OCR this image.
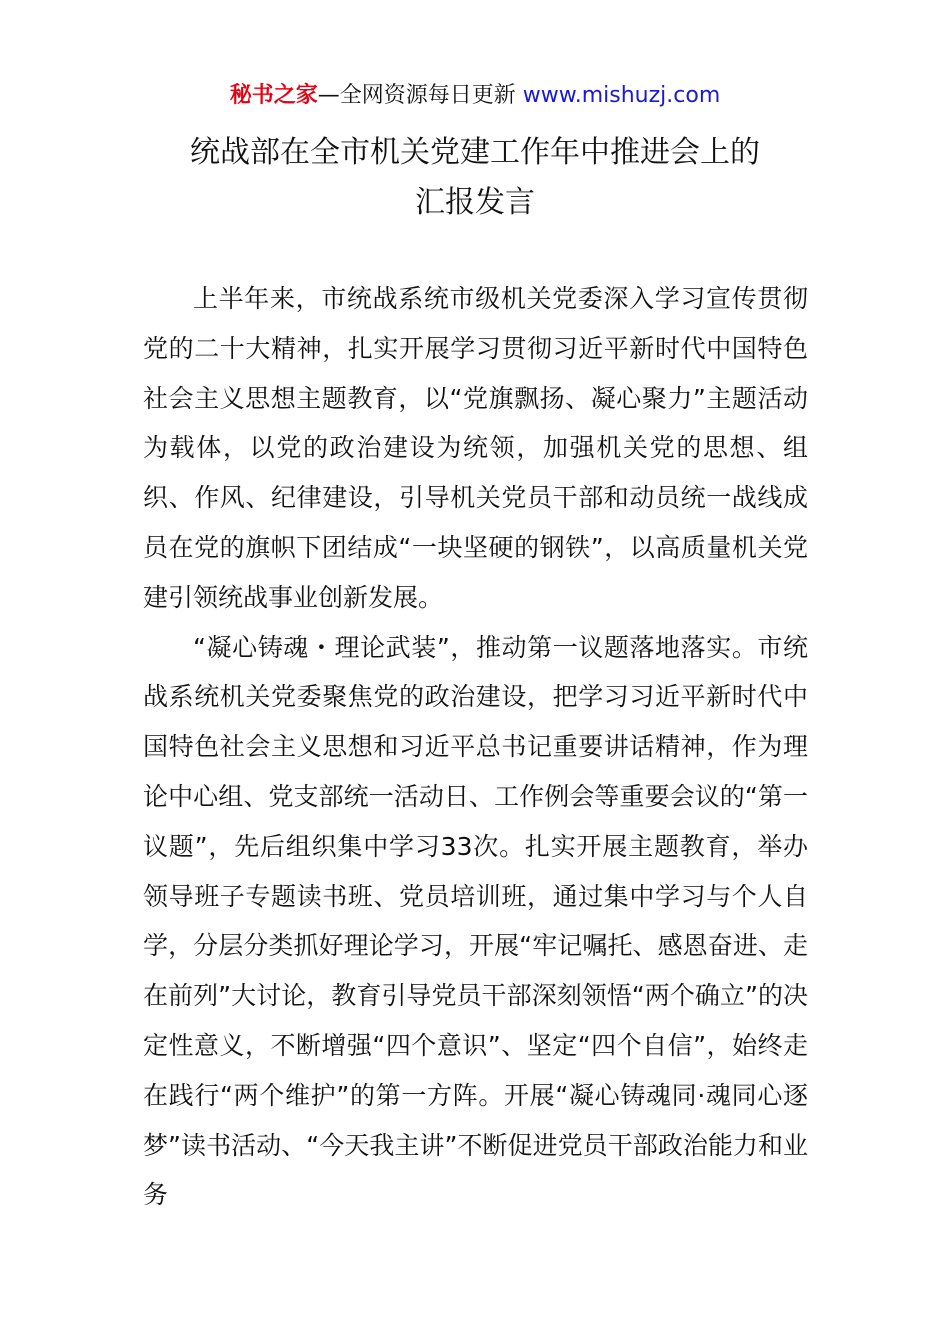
秘书之家—全网资源每日更新 www.mishuzj.com
统战部在全市机关党建工作年中推进会上的
汇报发言

上半年来，市统战系统市级机关党委深入学习宣传贯彻党的二十大精神，扎实开展学习贯彻习近平新时代中国特色社会主义思想主题教育，以“党旗飘扬、凝心聚力”主题活动为载体，以党的政治建设为统领，加强机关党的思想、组织、作风、纪律建设，引导机关党员干部和动员统一战线成员在党的旗帜下团结成“一块坚硬的钢铁”，以高质量机关党建引领统战事业创新发展。

“凝心铸魂・理论武装”，推动第一议题落地落实。市统战系统机关党委聚焦党的政治建设，把学习习近平新时代中国特色社会主义思想和习近平总书记重要讲话精神，作为理论中心组、党支部统一活动日、工作例会等重要会议的“第一议题”，先后组织集中学习33次。扎实开展主题教育，举办领导班子专题读书班、党员培训班，通过集中学习与个人自学，分层分类抓好理论学习，开展“牢记嘱托、感恩奋进、走在前列”大讨论，教育引导党员干部深刻领悟“两个确立”的决定性意义，不断增强“四个意识”、坚定“四个自信”，始终走在践行“两个维护”的第一方阵。开展“凝心铸魂同·魂同心逐梦”读书活动、“今天我主讲”不断促进党员干部政治能力和业务
